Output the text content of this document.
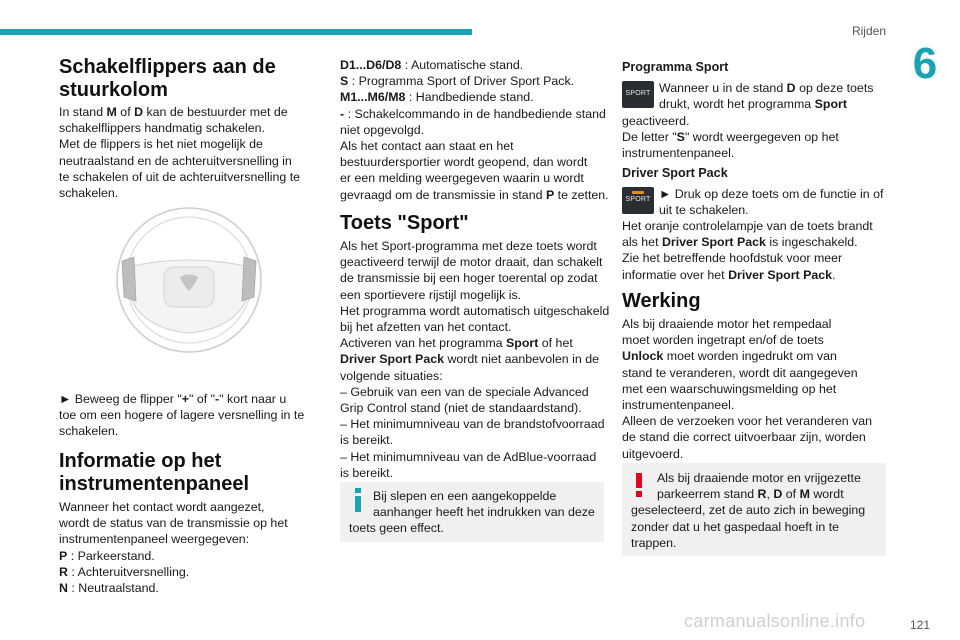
Rijden
6
Schakelflippers aan de stuurkolom
In stand M of D kan de bestuurder met de
schakelflippers handmatig schakelen.
Met de flippers is het niet mogelijk de
neutraalstand en de achteruitversnelling in
te schakelen of uit de achteruitversnelling te
schakelen.
► Beweeg de flipper "+" of "-" kort naar u
toe om een hogere of lagere versnelling in te
schakelen.
Informatie op het instrumentenpaneel
Wanneer het contact wordt aangezet,
wordt de status van de transmissie op het
instrumentenpaneel weergegeven:
P : Parkeerstand.
R : Achteruitversnelling.
N : Neutraalstand.
D1...D6/D8 : Automatische stand.
S : Programma Sport of Driver Sport Pack.
M1...M6/M8 : Handbediende stand.
- : Schakelcommando in de handbediende stand
niet opgevolgd.
Als het contact aan staat en het
bestuurdersportier wordt geopend, dan wordt
er een melding weergegeven waarin u wordt
gevraagd om de transmissie in stand P te zetten.
Toets "Sport"
Als het Sport-programma met deze toets wordt
geactiveerd terwijl de motor draait, dan schakelt
de transmissie bij een hoger toerental op zodat
een sportievere rijstijl mogelijk is.
Het programma wordt automatisch uitgeschakeld
bij het afzetten van het contact.
Activeren van het programma Sport of het
Driver Sport Pack wordt niet aanbevolen in de
volgende situaties:
– Gebruik van een van de speciale Advanced
Grip Control stand (niet de standaardstand).
– Het minimumniveau van de brandstofvoorraad
is bereikt.
– Het minimumniveau van de AdBlue-voorraad
is bereikt.
Bij slepen en een aangekoppelde
aanhanger heeft het indrukken van deze
toets geen effect.
Programma Sport
SPORT Wanneer u in de stand D op deze toets
drukt, wordt het programma Sport
geactiveerd.
De letter "S" wordt weergegeven op het
instrumentenpaneel.
Driver Sport Pack
SPORT ► Druk op deze toets om de functie in of
uit te schakelen.
Het oranje controlelampje van de toets brandt
als het Driver Sport Pack is ingeschakeld.
Zie het betreffende hoofdstuk voor meer
informatie over het Driver Sport Pack.
Werking
Als bij draaiende motor het rempedaal
moet worden ingetrapt en/of de toets
Unlock moet worden ingedrukt om van
stand te veranderen, wordt dit aangegeven
met een waarschuwingsmelding op het
instrumentenpaneel.
Alleen de verzoeken voor het veranderen van
de stand die correct uitvoerbaar zijn, worden
uitgevoerd.
Als bij draaiende motor en vrijgezette
parkeerrem stand R, D of M wordt
geselecteerd, zet de auto zich in beweging
zonder dat u het gaspedaal hoeft in te
trappen.
carmanualsonline.info	121
